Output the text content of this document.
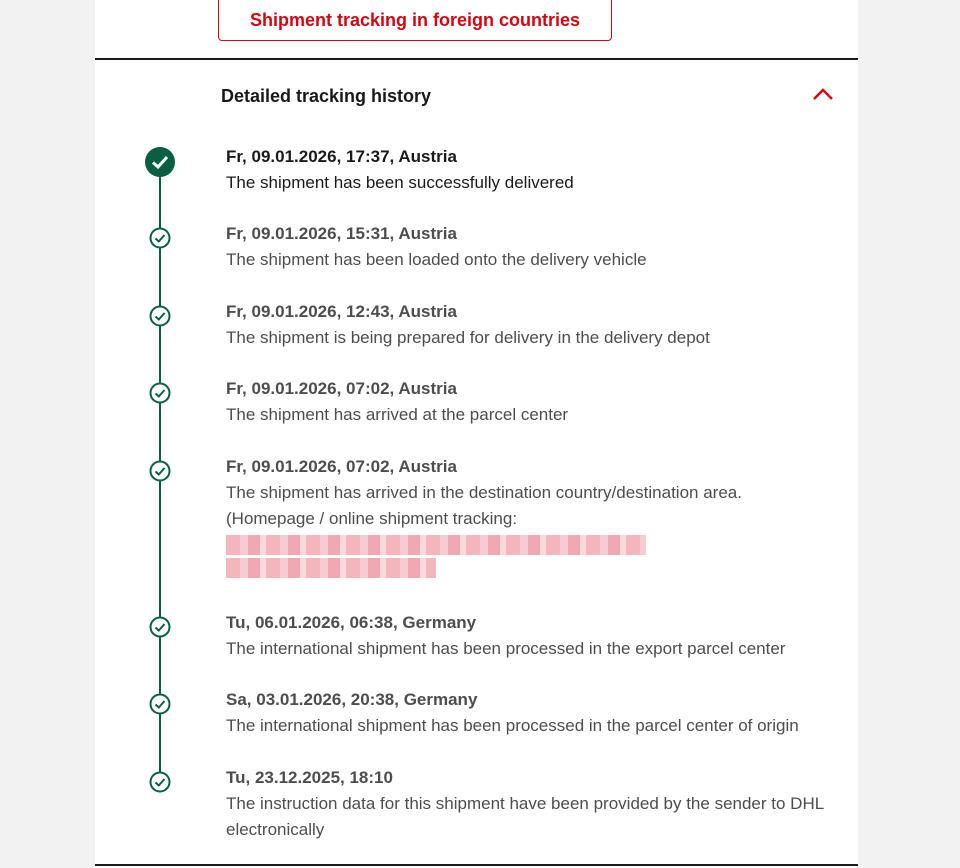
Shipment tracking in foreign countries
Detailed tracking history
Fr, 09.01.2026, 17:37, Austria
The shipment has been successfully delivered
Fr, 09.01.2026, 15:31, Austria
The shipment has been loaded onto the delivery vehicle
Fr, 09.01.2026, 12:43, Austria
The shipment is being prepared for delivery in the delivery depot
Fr, 09.01.2026, 07:02, Austria
The shipment has arrived at the parcel center
Fr, 09.01.2026, 07:02, Austria
The shipment has arrived in the destination country/destination area.
(Homepage / online shipment tracking:
Tu, 06.01.2026, 06:38, Germany
The international shipment has been processed in the export parcel center
Sa, 03.01.2026, 20:38, Germany
The international shipment has been processed in the parcel center of origin
Tu, 23.12.2025, 18:10
The instruction data for this shipment have been provided by the sender to DHL electronically
